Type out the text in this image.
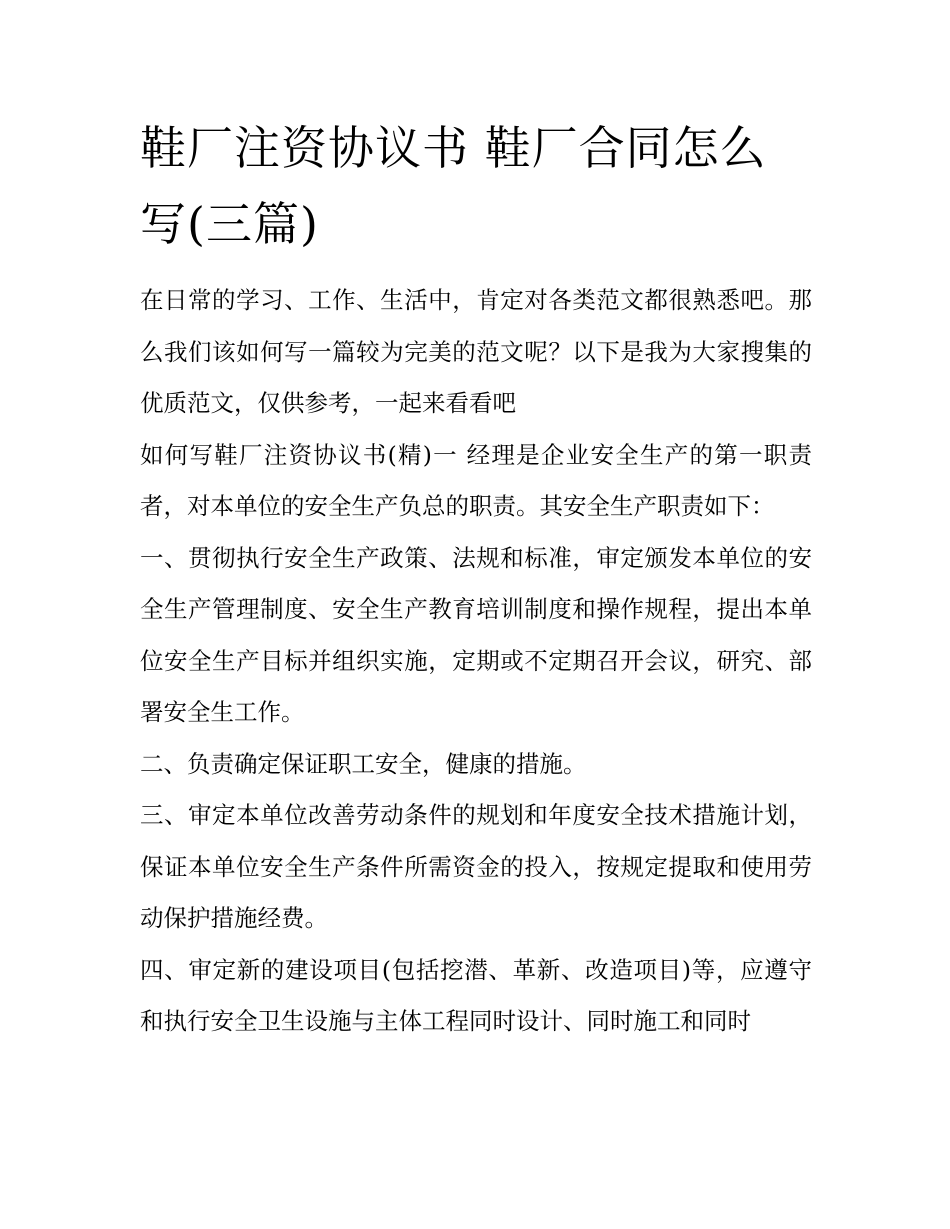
鞋厂注资协议书 鞋厂合同怎么写(三篇)

在日常的学习、工作、生活中，肯定对各类范文都很熟悉吧。那么我们该如何写一篇较为完美的范文呢？以下是我为大家搜集的优质范文，仅供参考，一起来看看吧

如何写鞋厂注资协议书(精)一 经理是企业安全生产的第一职责者，对本单位的安全生产负总的职责。其安全生产职责如下：

一、贯彻执行安全生产政策、法规和标准，审定颁发本单位的安全生产管理制度、安全生产教育培训制度和操作规程，提出本单位安全生产目标并组织实施，定期或不定期召开会议，研究、部署安全生工作。

二、负责确定保证职工安全，健康的措施。

三、审定本单位改善劳动条件的规划和年度安全技术措施计划，保证本单位安全生产条件所需资金的投入，按规定提取和使用劳动保护措施经费。

四、审定新的建设项目(包括挖潜、革新、改造项目)等，应遵守和执行安全卫生设施与主体工程同时设计、同时施工和同时
